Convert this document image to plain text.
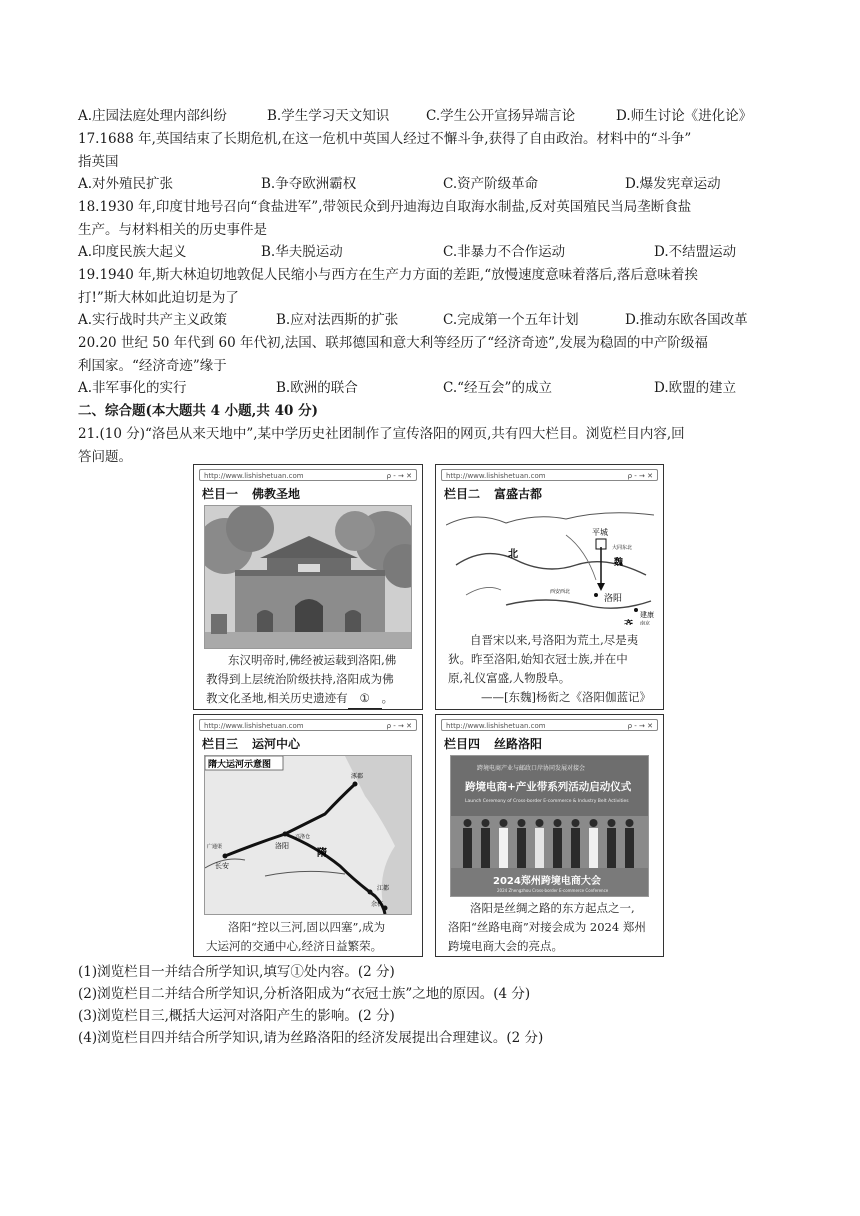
A.庄园法庭处理内部纠纷	B.学生学习天文知识	C.学生公开宣扬异端言论	D.师生讨论《进化论》
17.1688 年,英国结束了长期危机,在这一危机中英国人经过不懈斗争,获得了自由政治。材料中的“斗争”
指英国
A.对外殖民扩张	B.争夺欧洲霸权	C.资产阶级革命	D.爆发宪章运动
18.1930 年,印度甘地号召向“食盐进军”,带领民众到丹迪海边自取海水制盐,反对英国殖民当局垄断食盐
生产。与材料相关的历史事件是
A.印度民族大起义	B.华夫脱运动	C.非暴力不合作运动	D.不结盟运动
19.1940 年,斯大林迫切地敦促人民缩小与西方在生产力方面的差距,“放慢速度意味着落后,落后意味着挨
打!”斯大林如此迫切是为了
A.实行战时共产主义政策	B.应对法西斯的扩张	C.完成第一个五年计划	D.推动东欧各国改革
20.20 世纪 50 年代到 60 年代初,法国、联邦德国和意大利等经历了“经济奇迹”,发展为稳固的中产阶级福
利国家。“经济奇迹”缘于
A.非军事化的实行	B.欧洲的联合	C.“经互会”的成立	D.欧盟的建立
二、综合题(本大题共 4 小题,共 40 分)
21.(10 分)“洛邑从来天地中”,某中学历史社团制作了宣传洛阳的网页,共有四大栏目。浏览栏目内容,回
答问题。
http://www.lishishetuan.com	ρ - → ✕
栏目一 佛教圣地
东汉明帝时,佛经被运载到洛阳,佛
教得到上层统治阶级扶持,洛阳成为佛
教文化圣地,相关历史遗迹有 ① 。
http://www.lishishetuan.com	ρ - → ✕
栏目二 富盛古都
北
平城
大同东北
魏
洛阳
西安西北
齐
建康
南京
自晋宋以来,号洛阳为荒土,尽是夷
狄。昨至洛阳,始知衣冠士族,并在中
原,礼仪富盛,人物殷阜。
——[东魏]杨衒之《洛阳伽蓝记》
http://www.lishishetuan.com	ρ - → ✕
栏目三 运河中心
隋大运河示意图
涿郡
长安
洛阳
兴洛仓
隋
江都
余杭
广通渠
洛阳“控以三河,固以四塞”,成为
大运河的交通中心,经济日益繁荣。
http://www.lishishetuan.com	ρ - → ✕
栏目四 丝路洛阳
跨境电商产业与邮政口岸协同发展对接会
跨境电商+产业带系列活动启动仪式
Launch Ceremony of Cross-border E-commerce & Industry Belt Activities
2024郑州跨境电商大会
2024 Zhengzhou Cross-border E-commerce Conference
洛阳是丝绸之路的东方起点之一,
洛阳“丝路电商”对接会成为 2024 郑州
跨境电商大会的亮点。
(1)浏览栏目一并结合所学知识,填写①处内容。(2 分)
(2)浏览栏目二并结合所学知识,分析洛阳成为“衣冠士族”之地的原因。(4 分)
(3)浏览栏目三,概括大运河对洛阳产生的影响。(2 分)
(4)浏览栏目四并结合所学知识,请为丝路洛阳的经济发展提出合理建议。(2 分)
